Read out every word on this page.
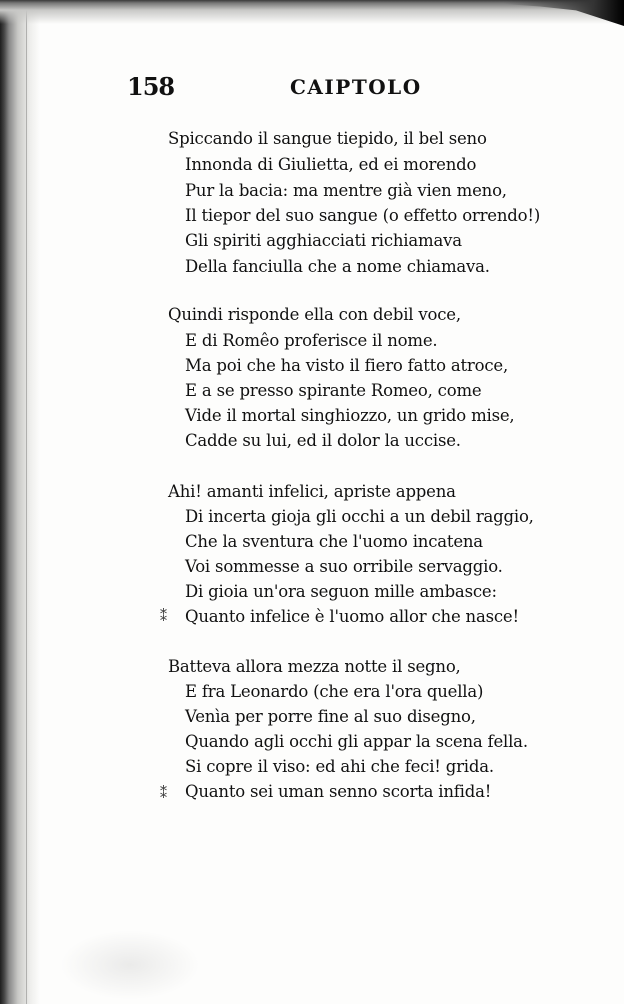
158	CAIPTOLO
Spiccando il sangue tiepido, il bel seno
Innonda di Giulietta, ed ei morendo
Pur la bacia: ma mentre già vien meno,
Il tiepor del suo sangue (o effetto orrendo!)
Gli spiriti agghiacciati richiamava
Della fanciulla che a nome chiamava.
Quindi risponde ella con debil voce,
E di Romêo proferisce il nome.
Ma poi che ha visto il fiero fatto atroce,
E a se presso spirante Romeo, come
Vide il mortal singhiozzo, un grido mise,
Cadde su lui, ed il dolor la uccise.
Ahi! amanti infelici, apriste appena
Di incerta gioja gli occhi a un debil raggio,
Che la sventura che l'uomo incatena
Voi sommesse a suo orribile servaggio.
Di gioia un'ora seguon mille ambasce:
Quanto infelice è l'uomo allor che nasce!
Batteva allora mezza notte il segno,
E fra Leonardo (che era l'ora quella)
Venìa per porre fine al suo disegno,
Quando agli occhi gli appar la scena fella.
Si copre il viso: ed ahi che feci! grida.
Quanto sei uman senno scorta infida!
⁑
⁑
